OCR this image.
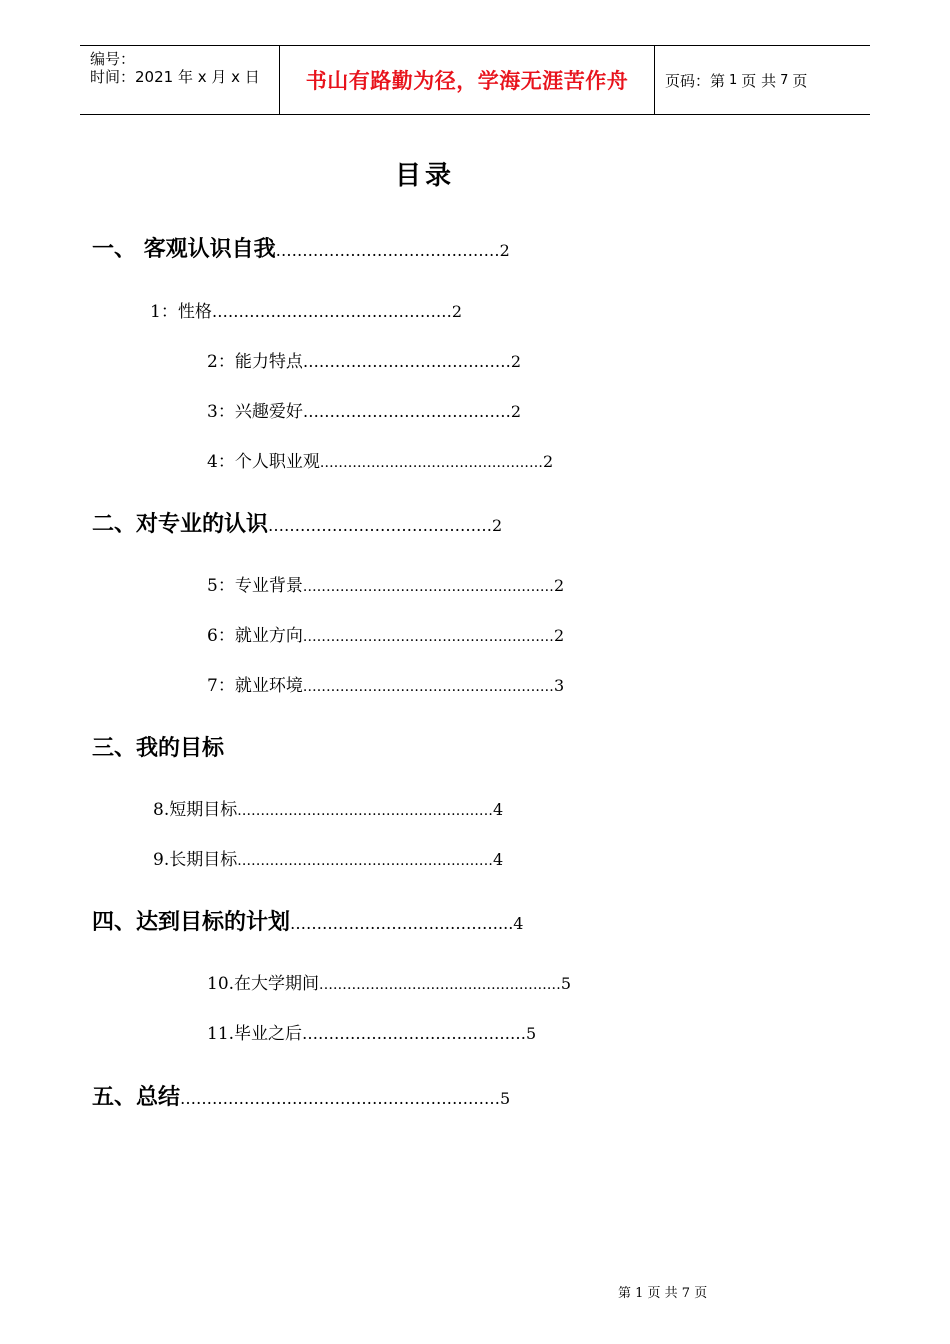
编号：
时间：2021 年 x 月 x 日	书山有路勤为径，学海无涯苦作舟 页码：第 1 页 共 7 页
目录
一、 客观认识自我……………………………………2
1：性格………………………………………2
2：能力特点…………………………………2
3：兴趣爱好…………………………………2
4：个人职业观................................................2
二、对专业的认识……………………………………2
5：专业背景......................................................2
6：就业方向......................................................2
7：就业环境......................................................3
三、我的目标
8.短期目标.......................................................4
9.长期目标.......................................................4
四、达到目标的计划…………………………………...4
10.在大学期间....................................................5
11.毕业之后……………………………………5
五、总结……………………………………………………5
第 1 页 共 7 页
